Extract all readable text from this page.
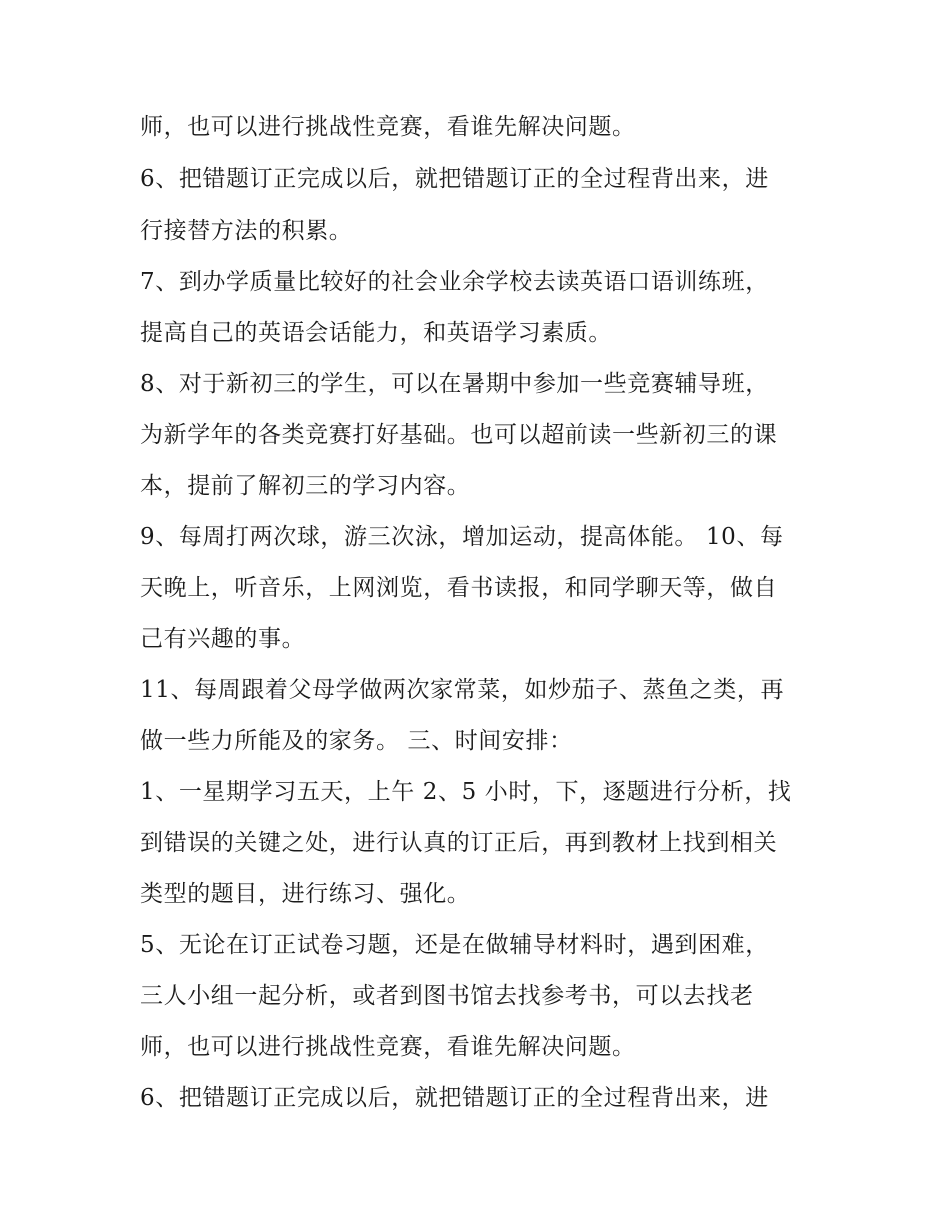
师，也可以进行挑战性竞赛，看谁先解决问题。
6、把错题订正完成以后，就把错题订正的全过程背出来，进
行接替方法的积累。
7、到办学质量比较好的社会业余学校去读英语口语训练班，
提高自己的英语会话能力，和英语学习素质。
8、对于新初三的学生，可以在暑期中参加一些竞赛辅导班，
为新学年的各类竞赛打好基础。也可以超前读一些新初三的课
本，提前了解初三的学习内容。
9、每周打两次球，游三次泳，增加运动，提高体能。 10、每
天晚上，听音乐，上网浏览，看书读报，和同学聊天等，做自
己有兴趣的事。
11、每周跟着父母学做两次家常菜，如炒茄子、蒸鱼之类，再
做一些力所能及的家务。 三、时间安排：
1、一星期学习五天，上午 2、5 小时，下，逐题进行分析，找
到错误的关键之处，进行认真的订正后，再到教材上找到相关
类型的题目，进行练习、强化。
5、无论在订正试卷习题，还是在做辅导材料时，遇到困难，
三人小组一起分析，或者到图书馆去找参考书，可以去找老
师，也可以进行挑战性竞赛，看谁先解决问题。
6、把错题订正完成以后，就把错题订正的全过程背出来，进
